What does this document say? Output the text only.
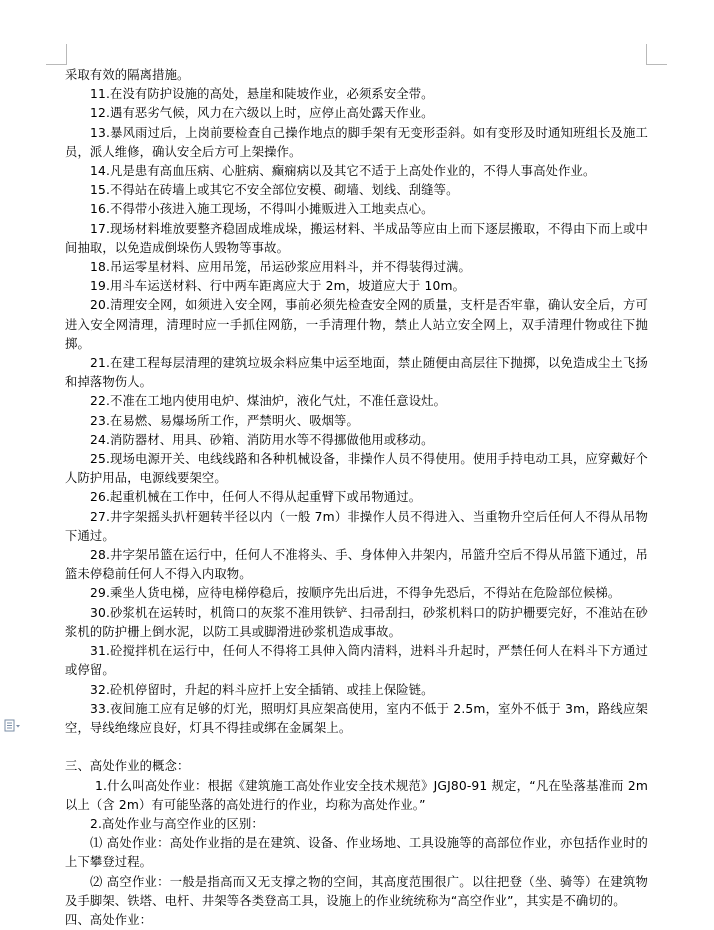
采取有效的隔离措施。

11.在没有防护设施的高处，悬崖和陡坡作业，必须系安全带。

12.遇有恶劣气候，风力在六级以上时，应停止高处露天作业。

13.暴风雨过后，上岗前要检查自己操作地点的脚手架有无变形歪斜。如有变形及时通知班组长及施工员，派人维修，确认安全后方可上架操作。

14.凡是患有高血压病、心脏病、癫痫病以及其它不适于上高处作业的，不得人事高处作业。

15.不得站在砖墙上或其它不安全部位安模、砌墙、划线、刮缝等。

16.不得带小孩进入施工现场，不得叫小摊贩进入工地卖点心。

17.现场材料堆放要整齐稳固成堆成垛，搬运材料、半成品等应由上而下逐层搬取，不得由下而上或中间抽取，以免造成倒垛伤人毁物等事故。

18.吊运零星材料、应用吊笼，吊运砂浆应用料斗，并不得装得过满。

19.用斗车运送材料、行中两车距离应大于 2m，坡道应大于 10m。

20.清理安全网，如须进入安全网，事前必须先检查安全网的质量，支杆是否牢靠，确认安全后，方可进入安全网清理，清理时应一手抓住网筋，一手清理什物，禁止人站立安全网上，双手清理什物或往下抛掷。

21.在建工程每层清理的建筑垃圾余料应集中运至地面，禁止随便由高层往下抛掷，以免造成尘土飞扬和掉落物伤人。

22.不准在工地内使用电炉、煤油炉，液化气灶，不准任意设灶。

23.在易燃、易爆场所工作，严禁明火、吸烟等。

24.消防器材、用具、砂箱、消防用水等不得挪做他用或移动。

25.现场电源开关、电线线路和各种机械设备，非操作人员不得使用。使用手持电动工具，应穿戴好个人防护用品，电源线要架空。

26.起重机械在工作中，任何人不得从起重臂下或吊物通过。

27.井字架摇头扒杆廻转半径以内（一般 7m）非操作人员不得进入、当重物升空后任何人不得从吊物下通过。

28.井字架吊篮在运行中，任何人不准将头、手、身体伸入井架内，吊篮升空后不得从吊篮下通过，吊篮未停稳前任何人不得入内取物。

29.乘坐人货电梯，应待电梯停稳后，按顺序先出后进，不得争先恐后，不得站在危险部位候梯。

30.砂浆机在运转时，机筒口的灰浆不准用铁铲、扫帚刮扫，砂浆机料口的防护栅要完好，不准站在砂浆机的防护栅上倒水泥，以防工具或脚滑进砂浆机造成事故。

31.砼搅拌机在运行中，任何人不得将工具伸入筒内清料，进料斗升起时，严禁任何人在料斗下方通过或停留。

32.砼机停留时，升起的料斗应扦上安全插销、或挂上保险链。

33.夜间施工应有足够的灯光，照明灯具应架高使用，室内不低于 2.5m，室外不低于 3m，路线应架空，导线绝缘应良好，灯具不得挂或绑在金属架上。

三、高处作业的概念：

1.什么叫高处作业：根据《建筑施工高处作业安全技术规范》JGJ80-91 规定，“凡在坠落基准而 2m 以上（含 2m）有可能坠落的高处进行的作业，均称为高处作业。”

2.高处作业与高空作业的区别：

⑴ 高处作业：高处作业指的是在建筑、设备、作业场地、工具设施等的高部位作业，亦包括作业时的上下攀登过程。

⑵ 高空作业：一般是指高而又无支撑之物的空间，其高度范围很广。以往把登（坐、骑等）在建筑物及手脚架、铁塔、电杆、井架等各类登高工具，设施上的作业统统称为“高空作业”，其实是不确切的。

四、高处作业：
